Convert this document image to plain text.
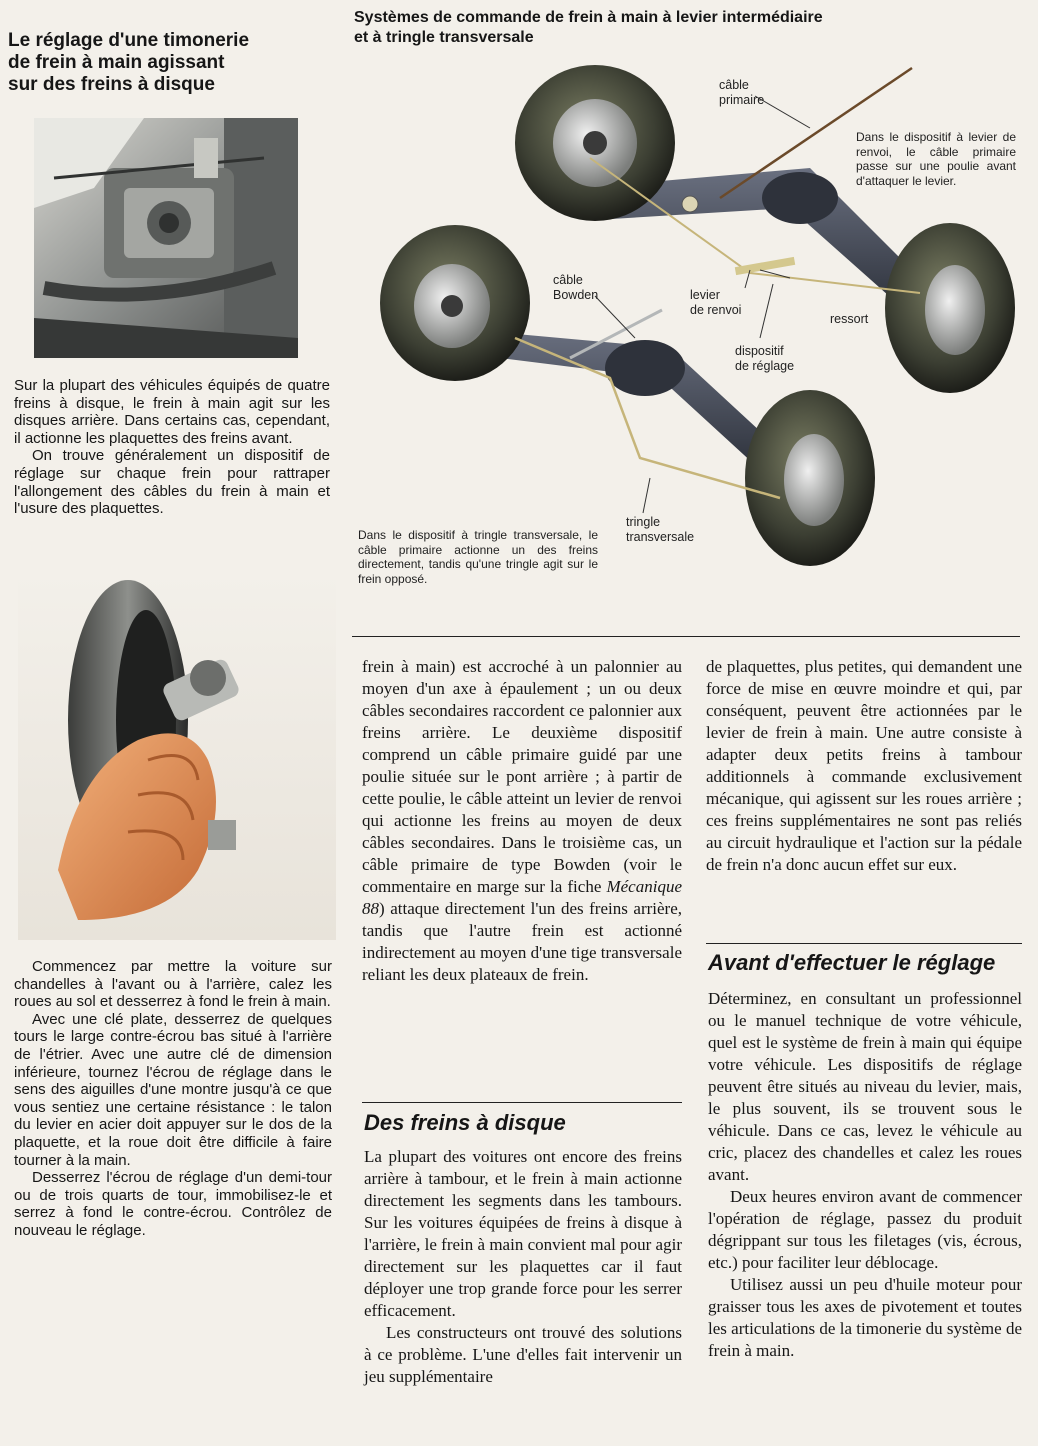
Le réglage d'une timonerie
de frein à main agissant
sur des freins à disque

Sur la plupart des véhicules équipés de quatre freins à disque, le frein à main agit sur les disques arrière. Dans certains cas, cependant, il actionne les plaquettes des freins avant.

On trouve généralement un dispositif de réglage sur chaque frein pour rattraper l'allongement des câbles du frein à main et l'usure des plaquettes.

Commencez par mettre la voiture sur chandelles à l'avant ou à l'arrière, calez les roues au sol et desserrez à fond le frein à main.

Avec une clé plate, desserrez de quelques tours le large contre-écrou bas situé à l'arrière de l'étrier. Avec une autre clé de dimension inférieure, tournez l'écrou de réglage dans le sens des aiguilles d'une montre jusqu'à ce que vous sentiez une certaine résistance : le talon du levier en acier doit appuyer sur le dos de la plaquette, et la roue doit être difficile à faire tourner à la main.

Desserrez l'écrou de réglage d'un demi-tour ou de trois quarts de tour, immobilisez-le et serrez à fond le contre-écrou. Contrôlez de nouveau le réglage.

Systèmes de commande de frein à main à levier intermédiaire
et à tringle transversale
câble
primaire
Dans le dispositif à levier de renvoi, le câble primaire passe sur une poulie avant d'attaquer le levier.
câble
Bowden	levier
de renvoi
ressort
dispositif
de réglage
tringle
transversale
Dans le dispositif à tringle transversale, le câble primaire actionne un des freins directement, tandis qu'une tringle agit sur le frein opposé.

frein à main) est accroché à un palonnier au moyen d'un axe à épaulement ; un ou deux câbles secondaires raccordent ce palonnier aux freins arrière. Le deuxième dispositif comprend un câble primaire guidé par une poulie située sur le pont arrière ; à partir de cette poulie, le câble atteint un levier de renvoi qui actionne les freins au moyen de deux câbles secondaires. Dans le troisième cas, un câble primaire de type Bowden (voir le commentaire en marge sur la fiche Mécanique 88) attaque directement l'un des freins arrière, tandis que l'autre frein est actionné indirectement au moyen d'une tige transversale reliant les deux plateaux de frein.

Des freins à disque

La plupart des voitures ont encore des freins arrière à tambour, et le frein à main actionne directement les segments dans les tambours. Sur les voitures équipées de freins à disque à l'arrière, le frein à main convient mal pour agir directement sur les plaquettes car il faut déployer une trop grande force pour les serrer efficacement.

Les constructeurs ont trouvé des solutions à ce problème. L'une d'elles fait intervenir un jeu supplémentaire

de plaquettes, plus petites, qui demandent une force de mise en œuvre moindre et qui, par conséquent, peuvent être actionnées par le levier de frein à main. Une autre consiste à adapter deux petits freins à tambour additionnels à commande exclusivement mécanique, qui agissent sur les roues arrière ; ces freins supplémentaires ne sont pas reliés au circuit hydraulique et l'action sur la pédale de frein n'a donc aucun effet sur eux.

Avant d'effectuer le réglage

Déterminez, en consultant un professionnel ou le manuel technique de votre véhicule, quel est le système de frein à main qui équipe votre véhicule. Les dispositifs de réglage peuvent être situés au niveau du levier, mais, le plus souvent, ils se trouvent sous le véhicule. Dans ce cas, levez le véhicule au cric, placez des chandelles et calez les roues avant.

Deux heures environ avant de commencer l'opération de réglage, passez du produit dégrippant sur tous les filetages (vis, écrous, etc.) pour faciliter leur déblocage.

Utilisez aussi un peu d'huile moteur pour graisser tous les axes de pivotement et toutes les articulations de la timonerie du système de frein à main.
